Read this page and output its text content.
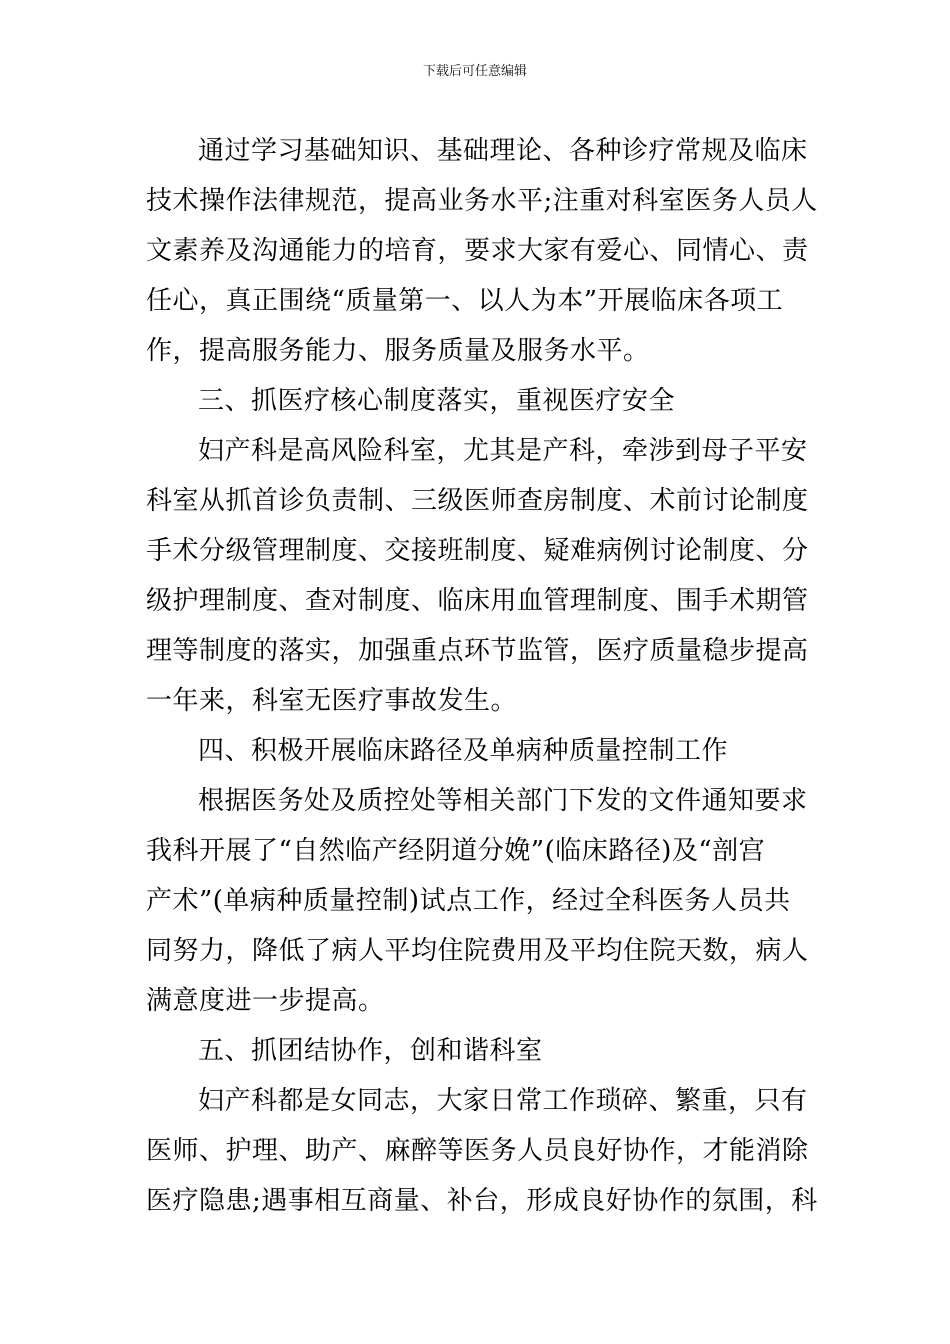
下载后可任意编辑
通过学习基础知识、基础理论、各种诊疗常规及临床
技术操作法律规范，提高业务水平;注重对科室医务人员人
文素养及沟通能力的培育，要求大家有爱心、同情心、责
任心，真正围绕“质量第一、以人为本”开展临床各项工
作，提高服务能力、服务质量及服务水平。
三、抓医疗核心制度落实，重视医疗安全
妇产科是高风险科室，尤其是产科，牵涉到母子平安
科室从抓首诊负责制、三级医师查房制度、术前讨论制度
手术分级管理制度、交接班制度、疑难病例讨论制度、分
级护理制度、查对制度、临床用血管理制度、围手术期管
理等制度的落实，加强重点环节监管，医疗质量稳步提高
一年来，科室无医疗事故发生。
四、积极开展临床路径及单病种质量控制工作
根据医务处及质控处等相关部门下发的文件通知要求
我科开展了“自然临产经阴道分娩”(临床路径)及“剖宫
产术”(单病种质量控制)试点工作，经过全科医务人员共
同努力，降低了病人平均住院费用及平均住院天数，病人
满意度进一步提高。
五、抓团结协作，创和谐科室
妇产科都是女同志，大家日常工作琐碎、繁重，只有
医师、护理、助产、麻醉等医务人员良好协作，才能消除
医疗隐患;遇事相互商量、补台，形成良好协作的氛围，科
